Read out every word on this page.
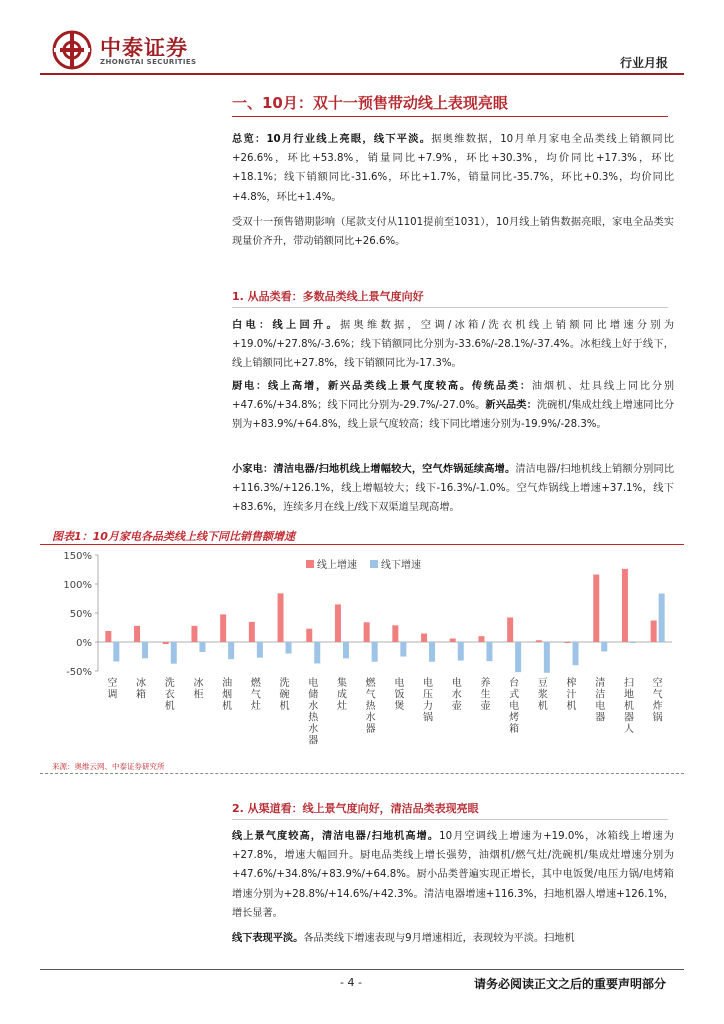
中泰证券
ZHONGTAI SECURITIES	行业月报
一、10月：双十一预售带动线上表现亮眼
总览：10月行业线上亮眼，线下平淡。据奥维数据，10月单月家电全品类线上销额同比+26.6%，环比+53.8%，销量同比+7.9%，环比+30.3%，均价同比+17.3%，环比+18.1%；线下销额同比-31.6%，环比+1.7%，销量同比-35.7%，环比+0.3%，均价同比+4.8%，环比+1.4%。
受双十一预售错期影响（尾款支付从1101提前至1031），10月线上销售数据亮眼，家电全品类实现量价齐升，带动销额同比+26.6%。
1. 从品类看：多数品类线上景气度向好
白电：线上回升。据奥维数据，空调/冰箱/洗衣机线上销额同比增速分别为+19.0%/+27.8%/-3.6%；线下销额同比分别为-33.6%/-28.1%/-37.4%。冰柜线上好于线下，线上销额同比+27.8%，线下销额同比为-17.3%。
厨电：线上高增，新兴品类线上景气度较高。传统品类：油烟机、灶具线上同比分别+47.6%/+34.8%；线下同比分别为-29.7%/-27.0%。新兴品类：洗碗机/集成灶线上增速同比分别为+83.9%/+64.8%，线上景气度较高；线下同比增速分别为-19.9%/-28.3%。
小家电：清洁电器/扫地机线上增幅较大，空气炸锅延续高增。清洁电器/扫地机线上销额分别同比+116.3%/+126.1%，线上增幅较大；线下-16.3%/-1.0%。空气炸锅线上增速+37.1%，线下+83.6%，连续多月在线上/线下双渠道呈现高增。
图表1：10月家电各品类线上线下同比销售额增速
150%
100%
50%
0%
-50%
空调
冰箱
洗衣机
冰柜
油烟机
燃气灶
洗碗机
电储水热水器
集成灶
燃气热水器
电饭煲
电压力锅
电水壶
养生壶
台式电烤箱
豆浆机
榨汁机
清洁电器
扫地机器人
空气炸锅
线上增速 线下增速
来源：奥维云网、中泰证券研究所
2. 从渠道看：线上景气度向好，清洁品类表现亮眼
线上景气度较高，清洁电器/扫地机高增。10月空调线上增速为+19.0%，冰箱线上增速为+27.8%，增速大幅回升。厨电品类线上增长强势，油烟机/燃气灶/洗碗机/集成灶增速分别为+47.6%/+34.8%/+83.9%/+64.8%。厨小品类普遍实现正增长，其中电饭煲/电压力锅/电烤箱增速分别为+28.8%/+14.6%/+42.3%。清洁电器增速+116.3%，扫地机器人增速+126.1%，增长显著。
线下表现平淡。各品类线下增速表现与9月增速相近，表现较为平淡。扫地机
- 4 -	请务必阅读正文之后的重要声明部分
